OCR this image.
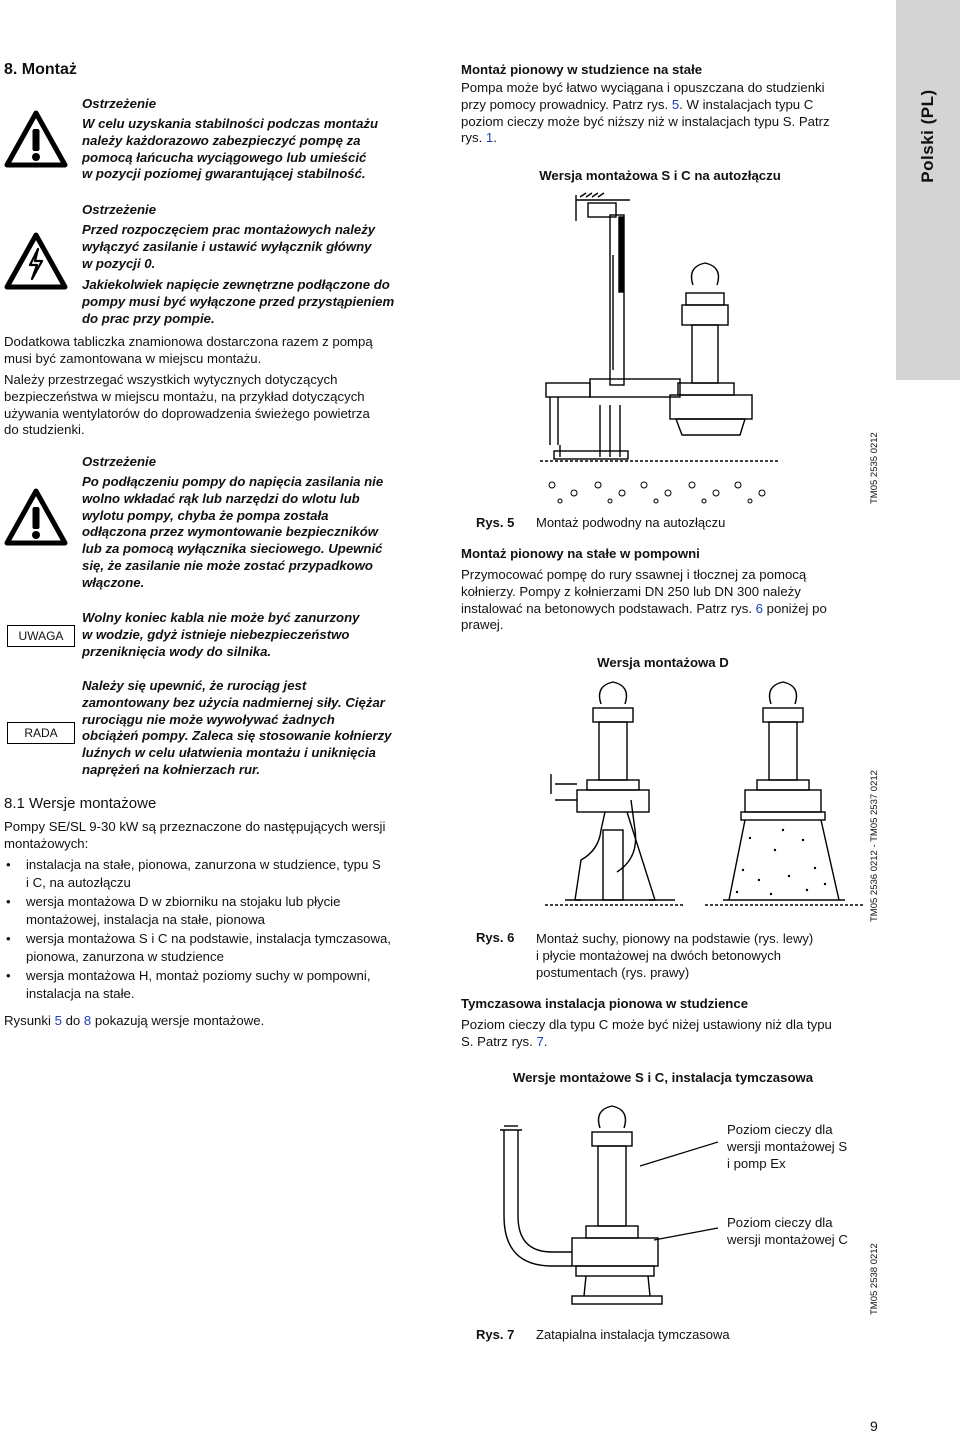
Polski (PL)
8. Montaż
Ostrzeżenie

W celu uzyskania stabilności podczas montażu

należy każdorazowo zabezpieczyć pompę za

pomocą łańcucha wyciągowego lub umieścić

w pozycji poziomej gwarantującej stabilność.

Ostrzeżenie

Przed rozpoczęciem prac montażowych należy

wyłączyć zasilanie i ustawić wyłącznik główny

w pozycji 0.

Jakiekolwiek napięcie zewnętrzne podłączone do

pompy musi być wyłączone przed przystąpieniem

do prac przy pompie.

Dodatkowa tabliczka znamionowa dostarczona razem z pompą

musi być zamontowana w miejscu montażu.

Należy przestrzegać wszystkich wytycznych dotyczących

bezpieczeństwa w miejscu montażu, na przykład dotyczących

używania wentylatorów do doprowadzenia świeżego powietrza

do studzienki.

Ostrzeżenie

Po podłączeniu pompy do napięcia zasilania nie

wolno wkładać rąk lub narzędzi do wlotu lub

wylotu pompy, chyba że pompa została

odłączona przez wymontowanie bezpieczników

lub za pomocą wyłącznika sieciowego. Upewnić

się, że zasilanie nie może zostać przypadkowo

włączone.

UWAGA

Wolny koniec kabla nie może być zanurzony

w wodzie, gdyż istnieje niebezpieczeństwo

przeniknięcia wody do silnika.

RADA

Należy się upewnić, że rurociąg jest

zamontowany bez użycia nadmiernej siły. Ciężar

rurociągu nie może wywoływać żadnych

obciążeń pompy. Zaleca się stosowanie kołnierzy

luźnych w celu ułatwienia montażu i uniknięcia

naprężeń na kołnierzach rur.

8.1 Wersje montażowe

Pompy SE/SL 9-30 kW są przeznaczone do następujących wersji

montażowych:

• instalacja na stałe, pionowa, zanurzona w studzience, typu S
i C, na autozłączu
• wersja montażowa D w zbiorniku na stojaku lub płycie
montażowej, instalacja na stałe, pionowa
• wersja montażowa S i C na podstawie, instalacja tymczasowa,
pionowa, zanurzona w studzience
• wersja montażowa H, montaż poziomy suchy w pompowni,
instalacja na stałe.
Rysunki 5 do 8 pokazują wersje montażowe.
Montaż pionowy w studzience na stałe

Pompa może być łatwo wyciągana i opuszczana do studzienki

przy pomocy prowadnicy. Patrz rys. 5. W instalacjach typu C

poziom cieczy może być niższy niż w instalacjach typu S. Patrz

rys. 1.

Wersja montażowa S i C na autozłączu
TM05 2535 0212
Rys. 5 Montaż podwodny na autozłączu
Montaż pionowy na stałe w pompowni

Przymocować pompę do rury ssawnej i tłocznej za pomocą

kołnierzy. Pompy z kołnierzami DN 250 lub DN 300 należy

instalować na betonowych podstawach. Patrz rys. 6 poniżej po

prawej.

Wersja montażowa D
TM05 2536 0212 - TM05 2537 0212
Rys. 6 Montaż suchy, pionowy na podstawie (rys. lewy)
i płycie montażowej na dwóch betonowych
postumentach (rys. prawy)
Tymczasowa instalacja pionowa w studzience

Poziom cieczy dla typu C może być niżej ustawiony niż dla typu

S. Patrz rys. 7.

Wersje montażowe S i C, instalacja tymczasowa
Poziom cieczy dla
wersji montażowej S
i pomp Ex
Poziom cieczy dla
wersji montażowej C
TM05 2538 0212
Rys. 7 Zatapialna instalacja tymczasowa
9
